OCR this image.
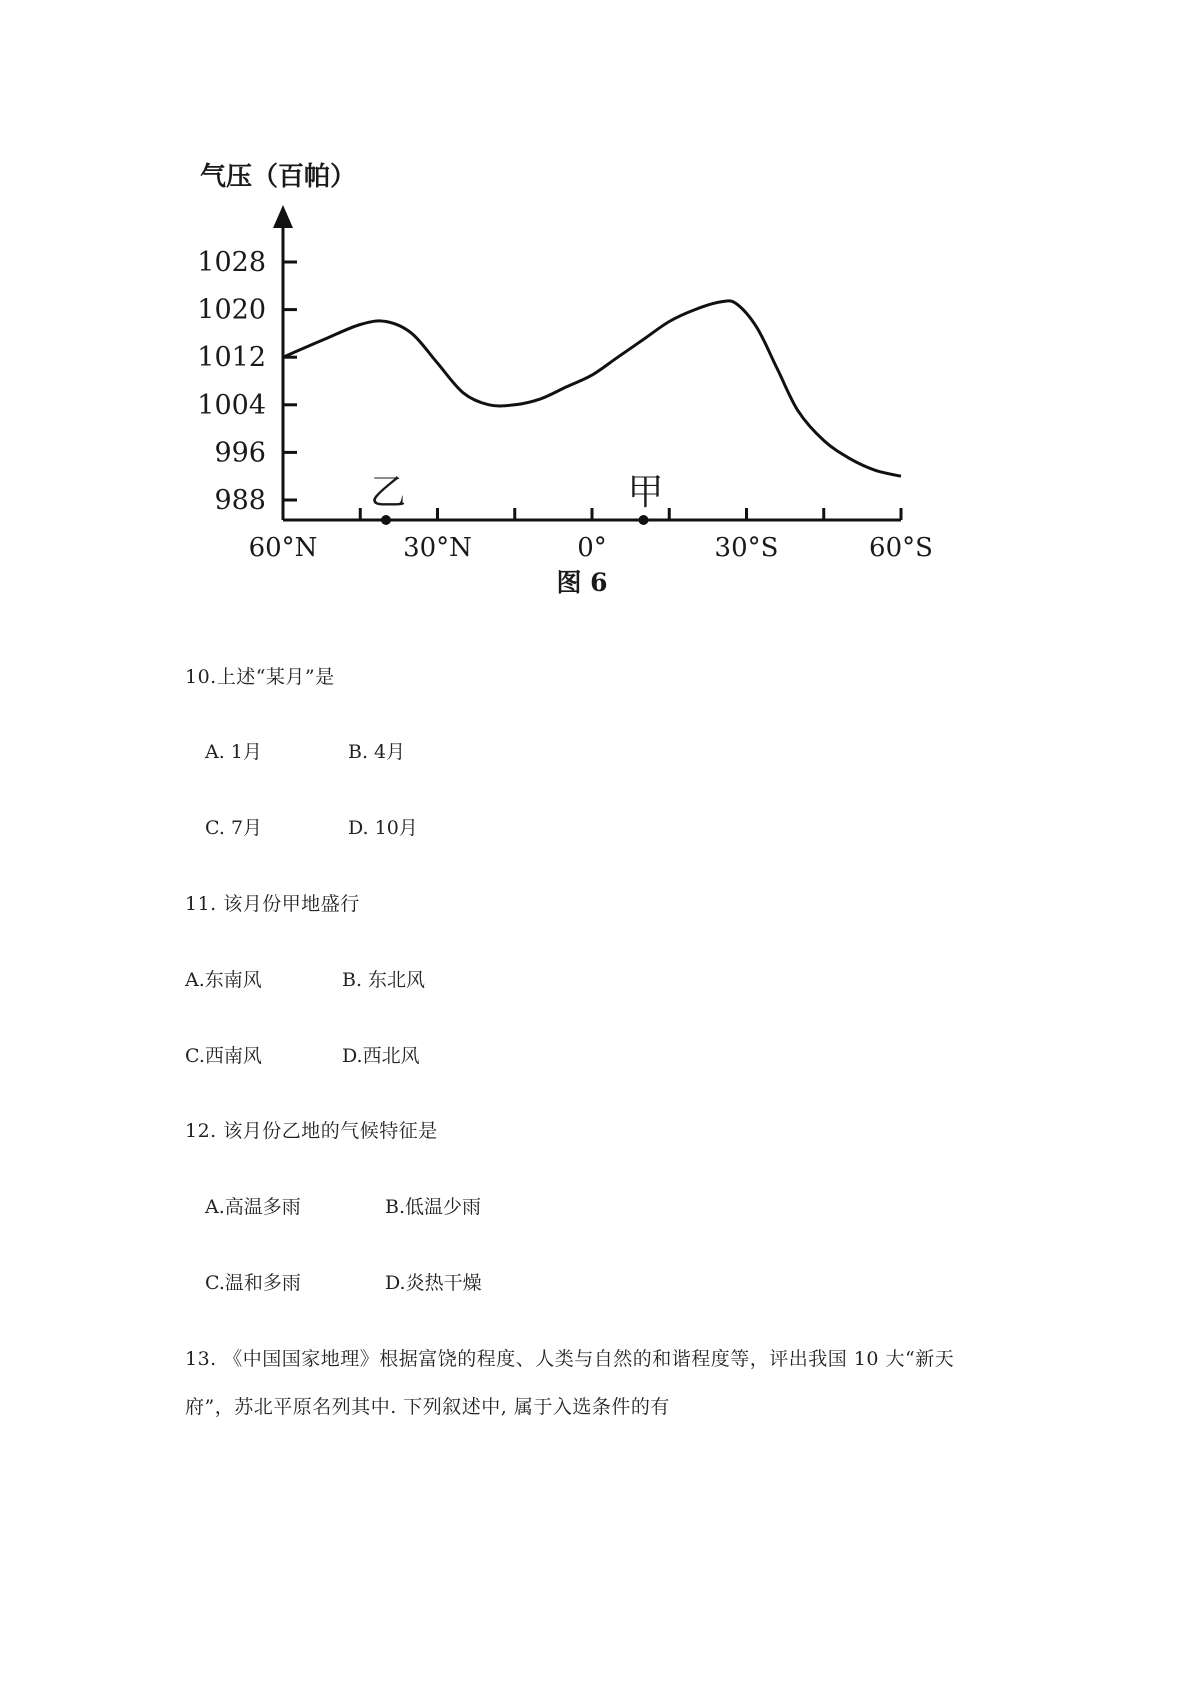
气压（百帕）
988
996
1004
1012
1020
1028
60°N	30°N	0°	30°S	60°S
乙	甲
图 6
10.上述“某月”是
A. 1月	B. 4月
C. 7月	D. 10月
11. 该月份甲地盛行
A.东南风	B. 东北风
C.西南风	D.西北风
12. 该月份乙地的气候特征是
A.高温多雨	B.低温少雨
C.温和多雨	D.炎热干燥
13. 《中国国家地理》根据富饶的程度、人类与自然的和谐程度等，评出我国 10 大“新天
府”，苏北平原名列其中. 下列叙述中, 属于入选条件的有
